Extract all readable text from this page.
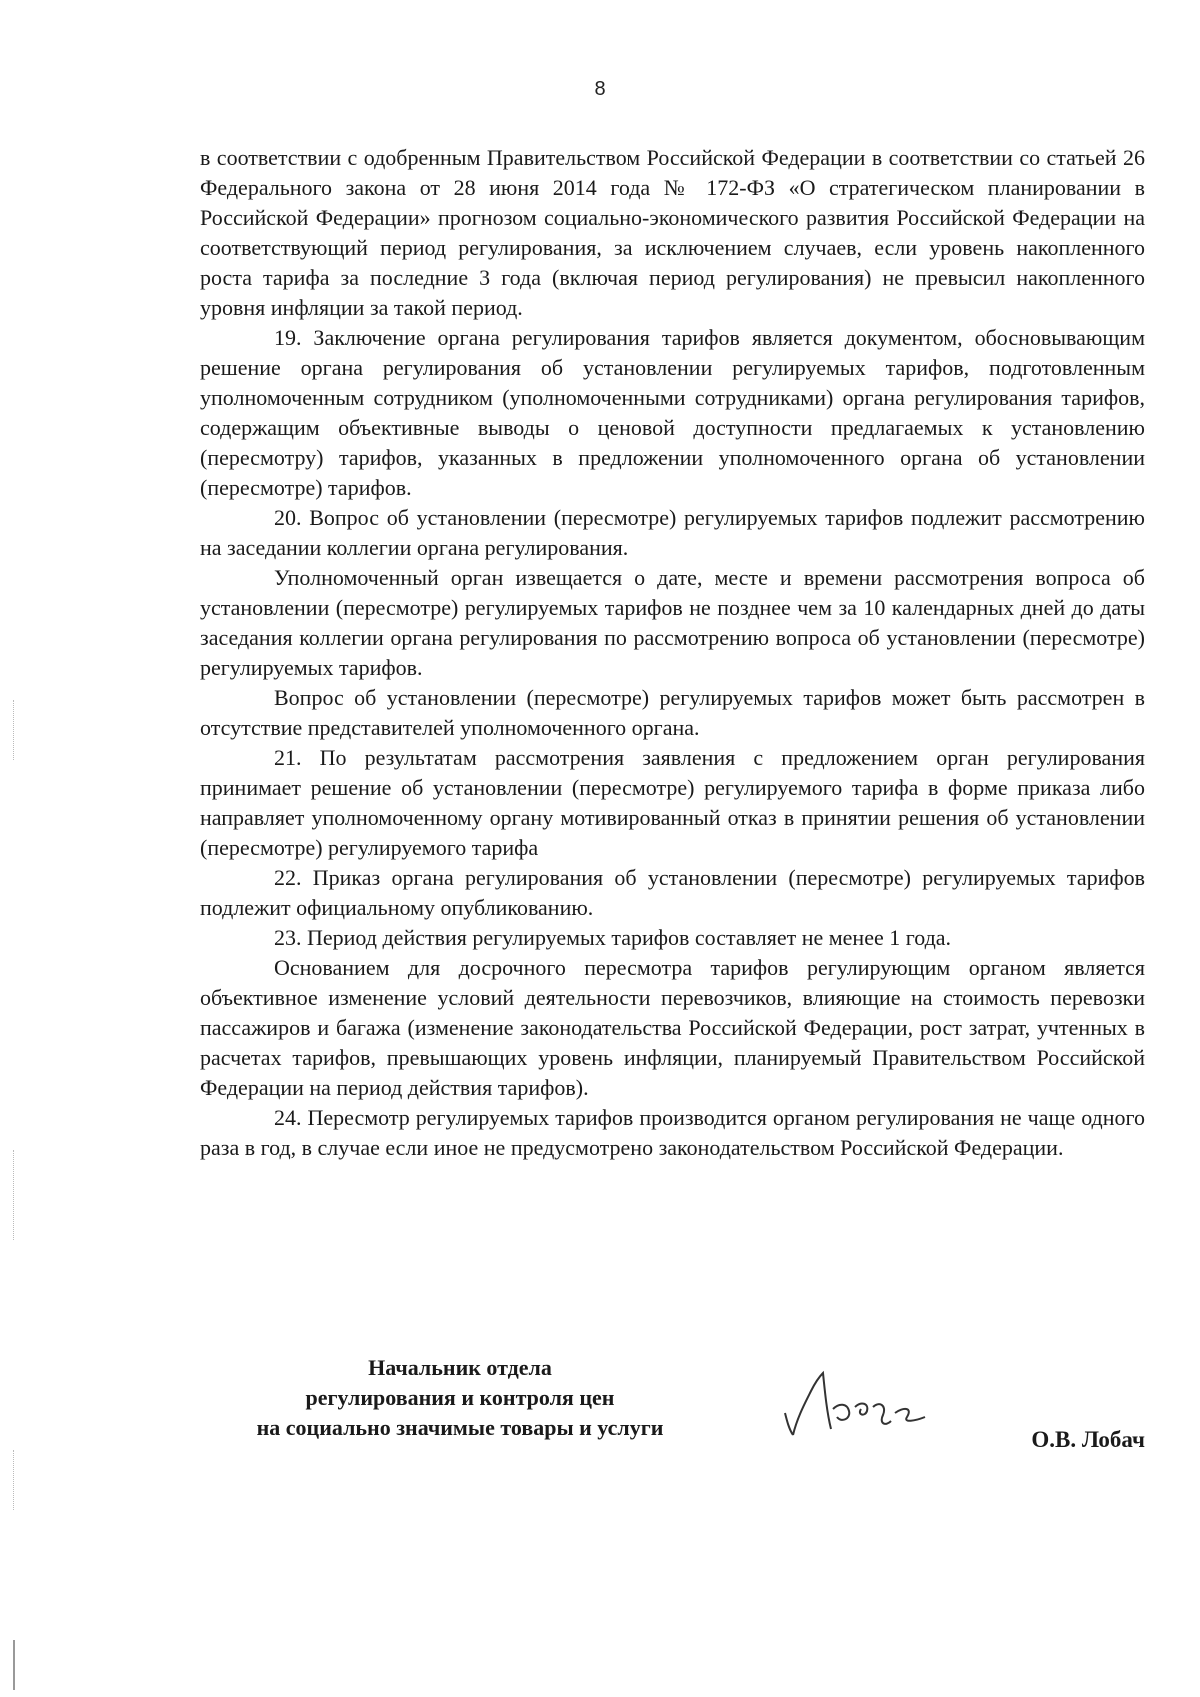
8

в соответствии с одобренным Правительством Российской Федерации в соответствии со статьей 26 Федерального закона от 28 июня 2014 года № 172-ФЗ «О стратегическом планировании в Российской Федерации» прогнозом социально-экономического развития Российской Федерации на соответствующий период регулирования, за исключением случаев, если уровень накопленного роста тарифа за последние 3 года (включая период регулирования) не превысил накопленного уровня инфляции за такой период.

19. Заключение органа регулирования тарифов является документом, обосновывающим решение органа регулирования об установлении регулируемых тарифов, подготовленным уполномоченным сотрудником (уполномоченными сотрудниками) органа регулирования тарифов, содержащим объективные выводы о ценовой доступности предлагаемых к установлению (пересмотру) тарифов, указанных в предложении уполномоченного органа об установлении (пересмотре) тарифов.

20. Вопрос об установлении (пересмотре) регулируемых тарифов подлежит рассмотрению на заседании коллегии органа регулирования.

Уполномоченный орган извещается о дате, месте и времени рассмотрения вопроса об установлении (пересмотре) регулируемых тарифов не позднее чем за 10 календарных дней до даты заседания коллегии органа регулирования по рассмотрению вопроса об установлении (пересмотре) регулируемых тарифов.

Вопрос об установлении (пересмотре) регулируемых тарифов может быть рассмотрен в отсутствие представителей уполномоченного органа.

21. По результатам рассмотрения заявления с предложением орган регулирования принимает решение об установлении (пересмотре) регулируемого тарифа в форме приказа либо направляет уполномоченному органу мотивированный отказ в принятии решения об установлении (пересмотре) регулируемого тарифа

22. Приказ органа регулирования об установлении (пересмотре) регулируемых тарифов подлежит официальному опубликованию.

23. Период действия регулируемых тарифов составляет не менее 1 года.

Основанием для досрочного пересмотра тарифов регулирующим органом является объективное изменение условий деятельности перевозчиков, влияющие на стоимость перевозки пассажиров и багажа (изменение законодательства Российской Федерации, рост затрат, учтенных в расчетах тарифов, превышающих уровень инфляции, планируемый Правительством Российской Федерации на период действия тарифов).

24. Пересмотр регулируемых тарифов производится органом регулирования не чаще одного раза в год, в случае если иное не предусмотрено законодательством Российской Федерации.

Начальник отдела
регулирования и контроля цен
на социально значимые товары и услуги	О.В. Лобач
